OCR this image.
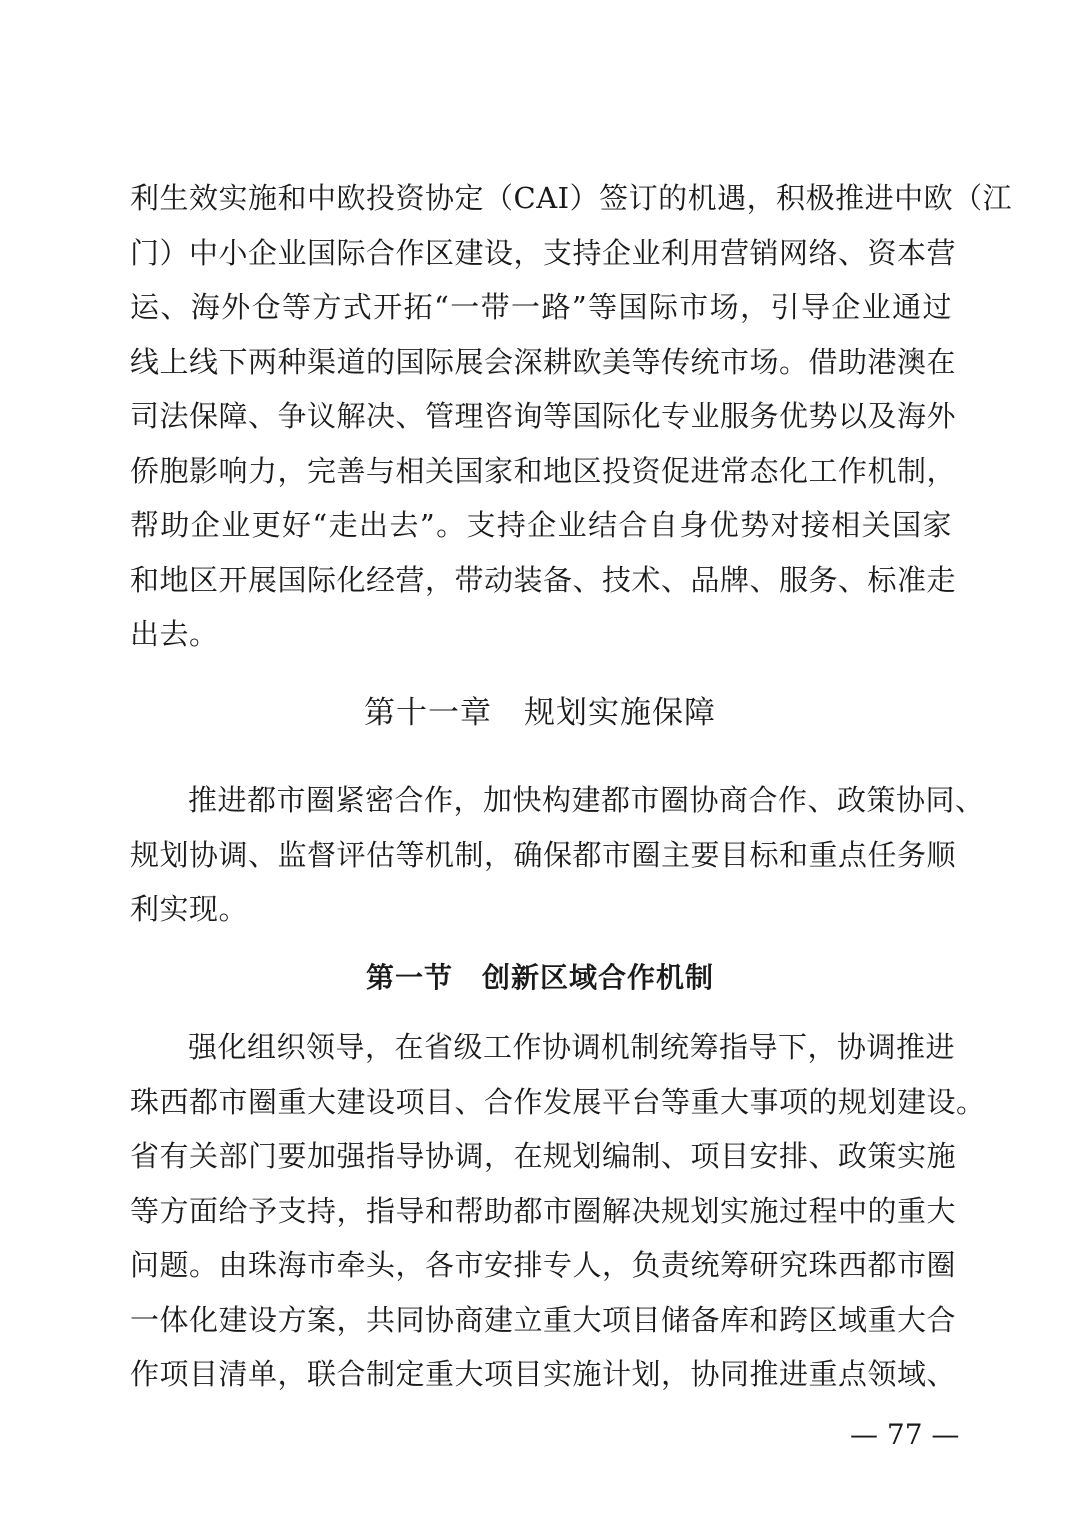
利生效实施和中欧投资协定（CAI）签订的机遇，积极推进中欧（江
门）中小企业国际合作区建设，支持企业利用营销网络、资本营
运、海外仓等方式开拓“一带一路”等国际市场，引导企业通过
线上线下两种渠道的国际展会深耕欧美等传统市场。借助港澳在
司法保障、争议解决、管理咨询等国际化专业服务优势以及海外
侨胞影响力，完善与相关国家和地区投资促进常态化工作机制，
帮助企业更好“走出去”。支持企业结合自身优势对接相关国家
和地区开展国际化经营，带动装备、技术、品牌、服务、标准走
出去。
第十一章　规划实施保障
推进都市圈紧密合作，加快构建都市圈协商合作、政策协同、
规划协调、监督评估等机制，确保都市圈主要目标和重点任务顺
利实现。
第一节　创新区域合作机制
强化组织领导，在省级工作协调机制统筹指导下，协调推进
珠西都市圈重大建设项目、合作发展平台等重大事项的规划建设。
省有关部门要加强指导协调，在规划编制、项目安排、政策实施
等方面给予支持，指导和帮助都市圈解决规划实施过程中的重大
问题。由珠海市牵头，各市安排专人，负责统筹研究珠西都市圈
一体化建设方案，共同协商建立重大项目储备库和跨区域重大合
作项目清单，联合制定重大项目实施计划，协同推进重点领域、
— 77 —
